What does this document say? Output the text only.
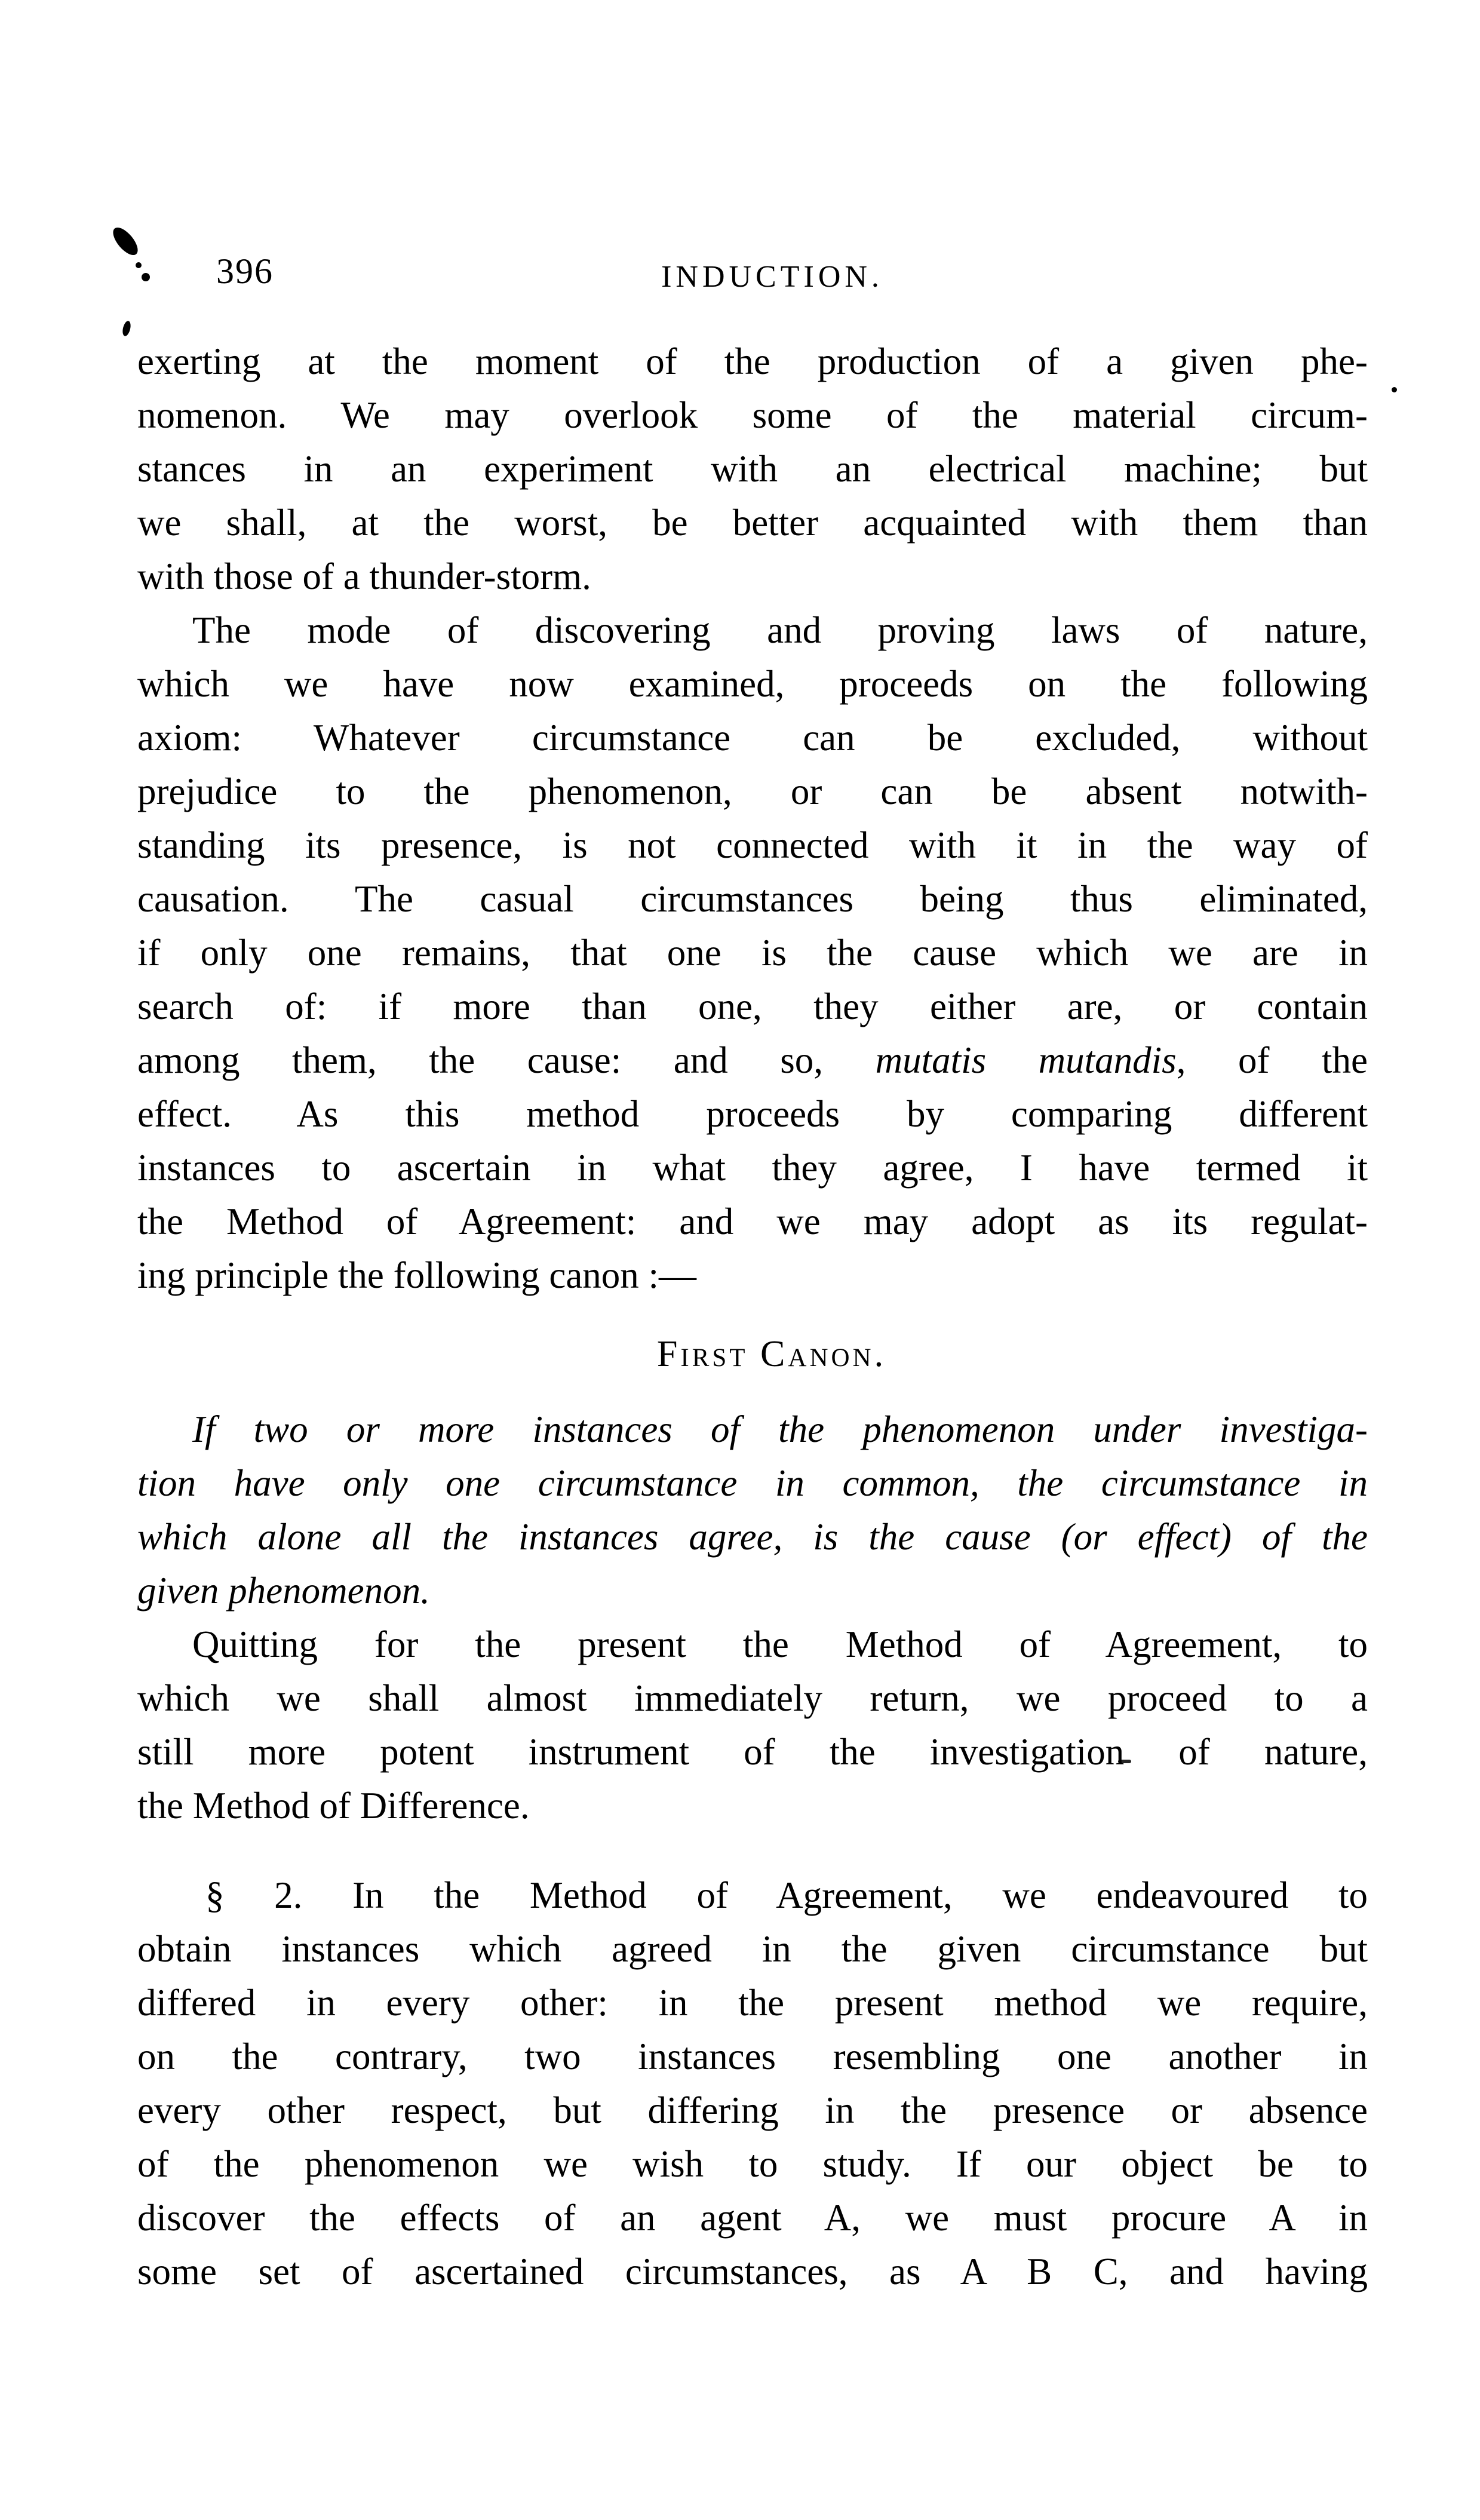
396	INDUCTION.
exerting at the moment of the production of a given phe-
nomenon. We may overlook some of the material circum-
stances in an experiment with an electrical machine; but
we shall, at the worst, be better acquainted with them than
with those of a thunder-storm.
The mode of discovering and proving laws of nature,
which we have now examined, proceeds on the following
axiom: Whatever circumstance can be excluded, without
prejudice to the phenomenon, or can be absent notwith-
standing its presence, is not connected with it in the way of
causation. The casual circumstances being thus eliminated,
if only one remains, that one is the cause which we are in
search of: if more than one, they either are, or contain
among them, the cause: and so, mutatis mutandis, of the
effect. As this method proceeds by comparing different
instances to ascertain in what they agree, I have termed it
the Method of Agreement: and we may adopt as its regulat-
ing principle the following canon :—
First Canon.
If two or more instances of the phenomenon under investiga-
tion have only one circumstance in common, the circumstance in
which alone all the instances agree, is the cause (or effect) of the
given phenomenon.
Quitting for the present the Method of Agreement, to
which we shall almost immediately return, we proceed to a
still more potent instrument of the investigation of nature,
the Method of Difference.
§ 2. In the Method of Agreement, we endeavoured to
obtain instances which agreed in the given circumstance but
differed in every other: in the present method we require,
on the contrary, two instances resembling one another in
every other respect, but differing in the presence or absence
of the phenomenon we wish to study. If our object be to
discover the effects of an agent A, we must procure A in
some set of ascertained circumstances, as A B C, and having
